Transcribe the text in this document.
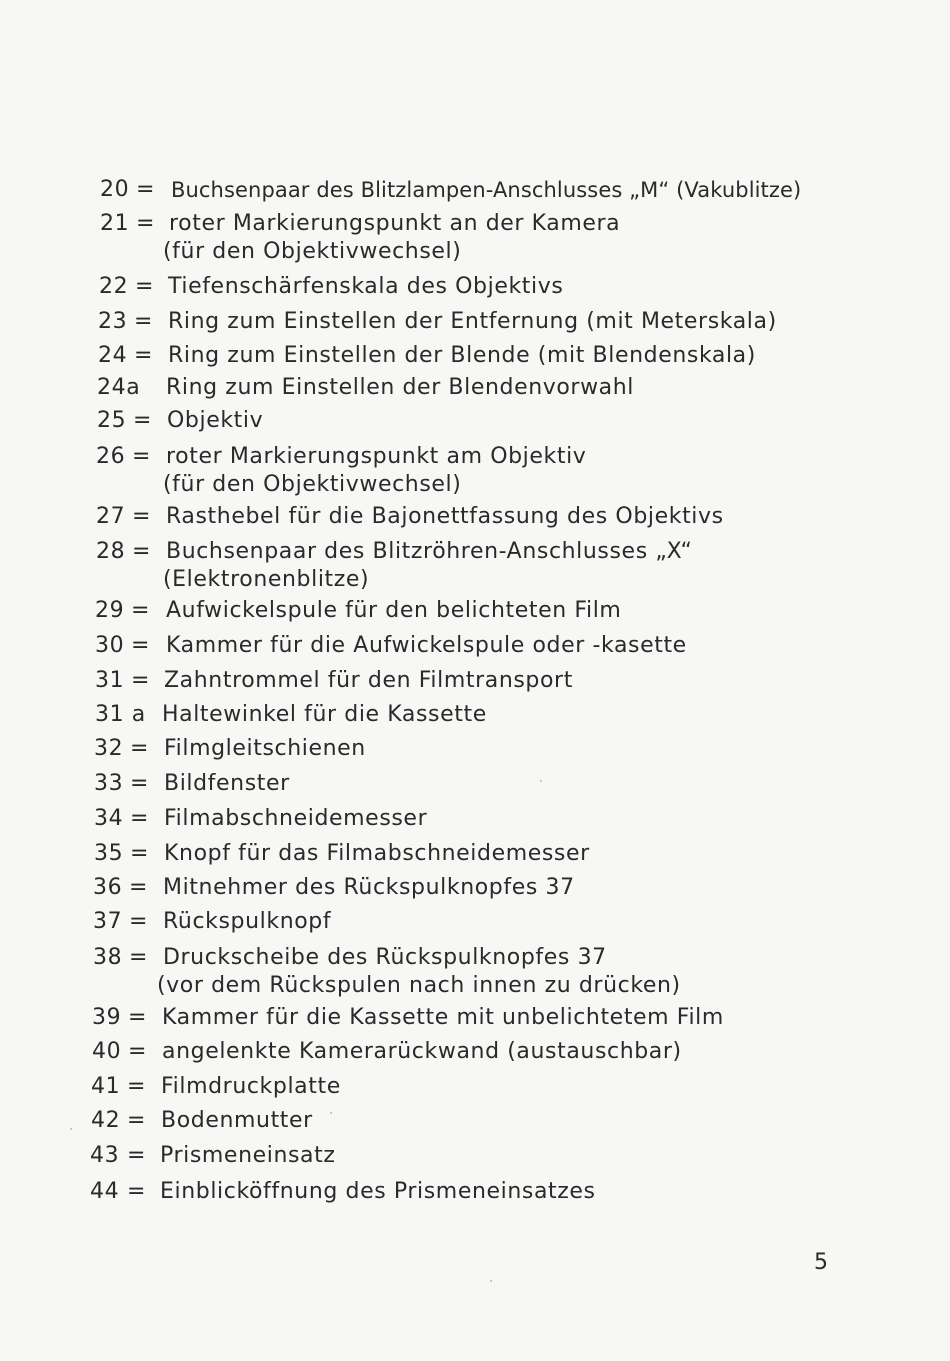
20 = Buchsenpaar des Blitzlampen-Anschlusses „M“ (Vakublitze)
21 = roter Markierungspunkt an der Kamera
(für den Objektivwechsel)
22 = Tiefenschärfenskala des Objektivs
23 = Ring zum Einstellen der Entfernung (mit Meterskala)
24 = Ring zum Einstellen der Blende (mit Blendenskala)
24a Ring zum Einstellen der Blendenvorwahl
25 = Objektiv
26 = roter Markierungspunkt am Objektiv
(für den Objektivwechsel)
27 = Rasthebel für die Bajonettfassung des Objektivs
28 = Buchsenpaar des Blitzröhren-Anschlusses „X“
(Elektronenblitze)
29 = Aufwickelspule für den belichteten Film
30 = Kammer für die Aufwickelspule oder -kasette
31 = Zahntrommel für den Filmtransport
31 a Haltewinkel für die Kassette
32 = Filmgleitschienen
33 = Bildfenster
34 = Filmabschneidemesser
35 = Knopf für das Filmabschneidemesser
36 = Mitnehmer des Rückspulknopfes 37
37 = Rückspulknopf
38 = Druckscheibe des Rückspulknopfes 37
(vor dem Rückspulen nach innen zu drücken)
39 = Kammer für die Kassette mit unbelichtetem Film
40 = angelenkte Kamerarückwand (austauschbar)
41 = Filmdruckplatte
42 = Bodenmutter
43 = Prismeneinsatz
44 = Einblicköffnung des Prismeneinsatzes
5
